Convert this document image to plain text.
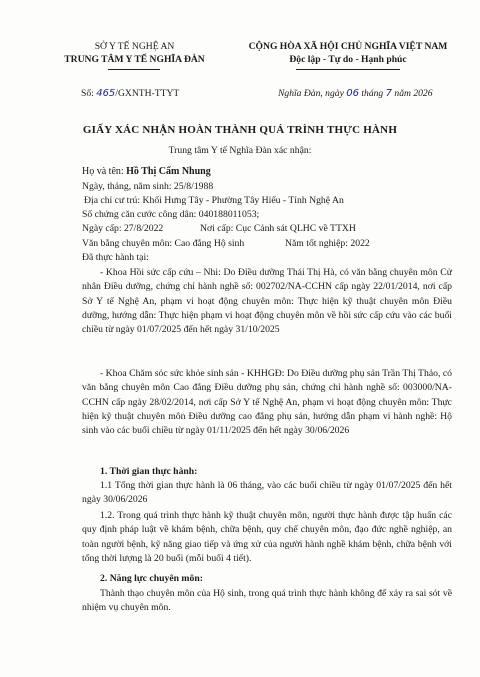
SỞ Y TẾ NGHỆ AN
TRUNG TÂM Y TẾ NGHĨA ĐÀN
CỘNG HÒA XÃ HỘI CHỦ NGHĨA VIỆT NAM
Độc lập - Tự do - Hạnh phúc
Số: 465/GXNTH-TTYT	Nghĩa Đàn, ngày 06 tháng 7 năm 2026
GIẤY XÁC NHẬN HOÀN THÀNH QUÁ TRÌNH THỰC HÀNH
Trung tâm Y tế Nghĩa Đàn xác nhận:
Họ và tên: Hồ Thị Cẩm Nhung
Ngày, tháng, năm sinh: 25/8/1988
Địa chỉ cư trú: Khối Hưng Tây - Phường Tây Hiếu - Tỉnh Nghệ An
Số chứng căn cước công dân: 040188011053;
Ngày cấp: 27/8/2022	Nơi cấp: Cục Cảnh sát QLHC về TTXH
Văn bằng chuyên môn: Cao đẳng Hộ sinh	Năm tốt nghiệp: 2022
Đã thực hành tại:
- Khoa Hồi sức cấp cứu – Nhi: Do Điều dưỡng Thái Thị Hà, có văn bằng chuyên môn Cử nhân Điều dưỡng, chứng chỉ hành nghề số: 002702/NA-CCHN cấp ngày 22/01/2014, nơi cấp Sở Y tế Nghệ An, phạm vi hoạt động chuyên môn: Thực hiện kỹ thuật chuyên môn Điều dưỡng, hướng dẫn: Thực hiện phạm vi hoạt động chuyên môn về hồi sức cấp cứu vào các buổi chiều từ ngày 01/07/2025 đến hết ngày 31/10/2025
- Khoa Chăm sóc sức khỏe sinh sản - KHHGĐ: Do Điều dưỡng phụ sản Trần Thị Thảo, có văn bằng chuyên môn Cao đẳng Điều dưỡng phụ sản, chứng chỉ hành nghề số: 003000/NA-CCHN cấp ngày 28/02/2014, nơi cấp Sở Y tế Nghệ An, phạm vi hoạt động chuyên môn: Thực hiện kỹ thuật chuyên môn Điều dưỡng cao đẳng phụ sản, hướng dẫn phạm vi hành nghề: Hộ sinh vào các buổi chiều từ ngày 01/11/2025 đến hết ngày 30/06/2026
1. Thời gian thực hành:
1.1 Tổng thời gian thực hành là 06 tháng, vào các buổi chiều từ ngày 01/07/2025 đến hết ngày 30/06/2026
1.2. Trong quá trình thực hành kỹ thuật chuyên môn, người thực hành được tập huấn các quy định pháp luật về khám bệnh, chữa bệnh, quy chế chuyên môn, đạo đức nghề nghiệp, an toàn người bệnh, kỹ năng giao tiếp và ứng xử của người hành nghề khám bệnh, chữa bệnh với tổng thời lượng là 20 buổi (mỗi buổi 4 tiết).
2. Năng lực chuyên môn:
Thành thạo chuyên môn của Hộ sinh, trong quá trình thực hành không để xảy ra sai sót về nhiệm vụ chuyên môn.
